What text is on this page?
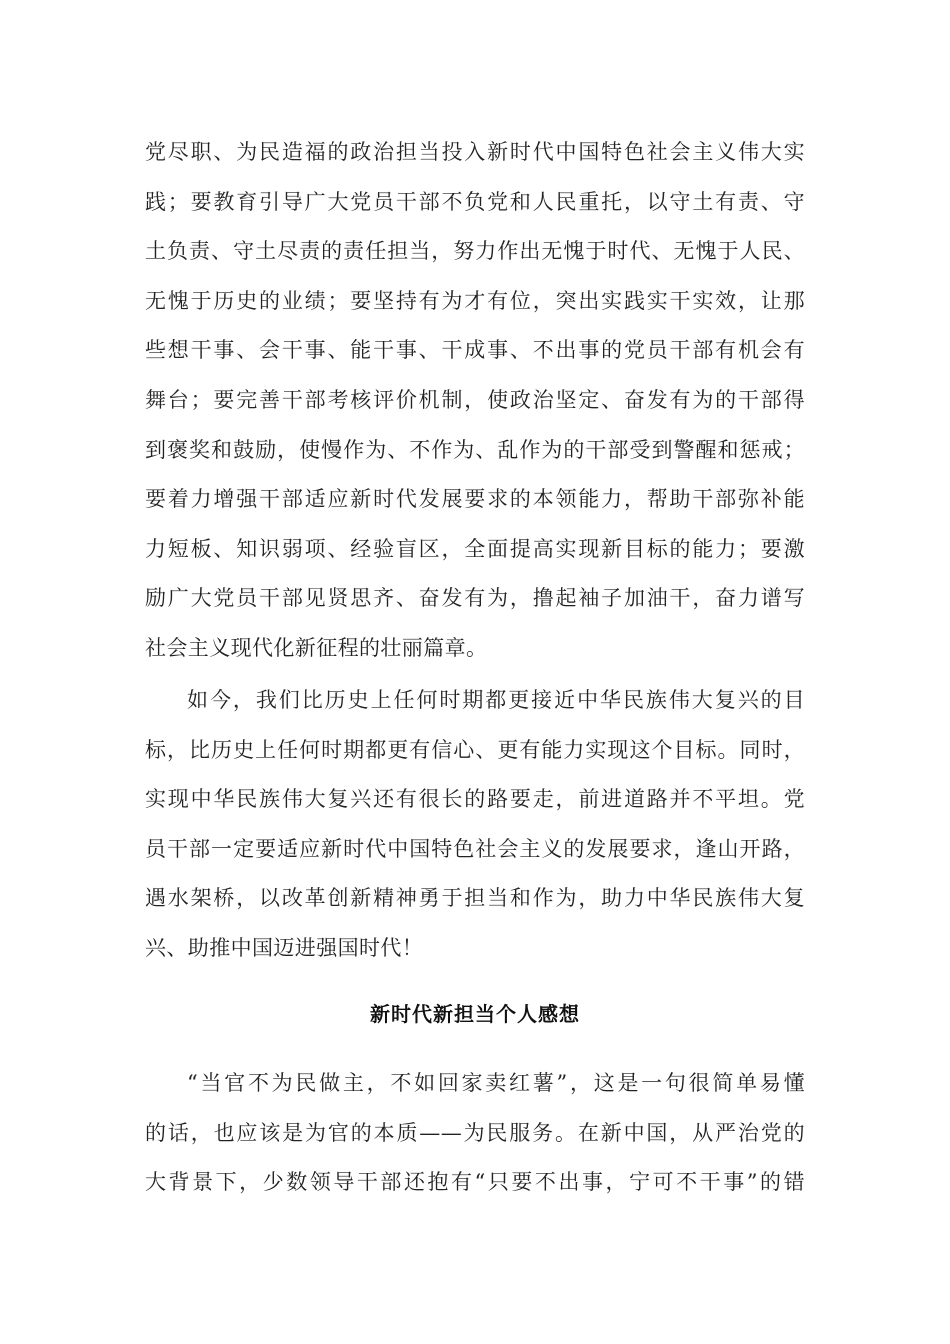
党尽职、为民造福的政治担当投入新时代中国特色社会主义伟大实
践；要教育引导广大党员干部不负党和人民重托，以守土有责、守
土负责、守土尽责的责任担当，努力作出无愧于时代、无愧于人民、
无愧于历史的业绩；要坚持有为才有位，突出实践实干实效，让那
些想干事、会干事、能干事、干成事、不出事的党员干部有机会有
舞台；要完善干部考核评价机制，使政治坚定、奋发有为的干部得
到褒奖和鼓励，使慢作为、不作为、乱作为的干部受到警醒和惩戒；
要着力增强干部适应新时代发展要求的本领能力，帮助干部弥补能
力短板、知识弱项、经验盲区，全面提高实现新目标的能力；要激
励广大党员干部见贤思齐、奋发有为，撸起袖子加油干，奋力谱写
社会主义现代化新征程的壮丽篇章。
如今，我们比历史上任何时期都更接近中华民族伟大复兴的目
标，比历史上任何时期都更有信心、更有能力实现这个目标。同时，
实现中华民族伟大复兴还有很长的路要走，前进道路并不平坦。党
员干部一定要适应新时代中国特色社会主义的发展要求，逢山开路，
遇水架桥，以改革创新精神勇于担当和作为，助力中华民族伟大复
兴、助推中国迈进强国时代！
新时代新担当个人感想
“当官不为民做主，不如回家卖红薯”，这是一句很简单易懂
的话，也应该是为官的本质——为民服务。在新中国，从严治党的
大背景下，少数领导干部还抱有“只要不出事，宁可不干事”的错
